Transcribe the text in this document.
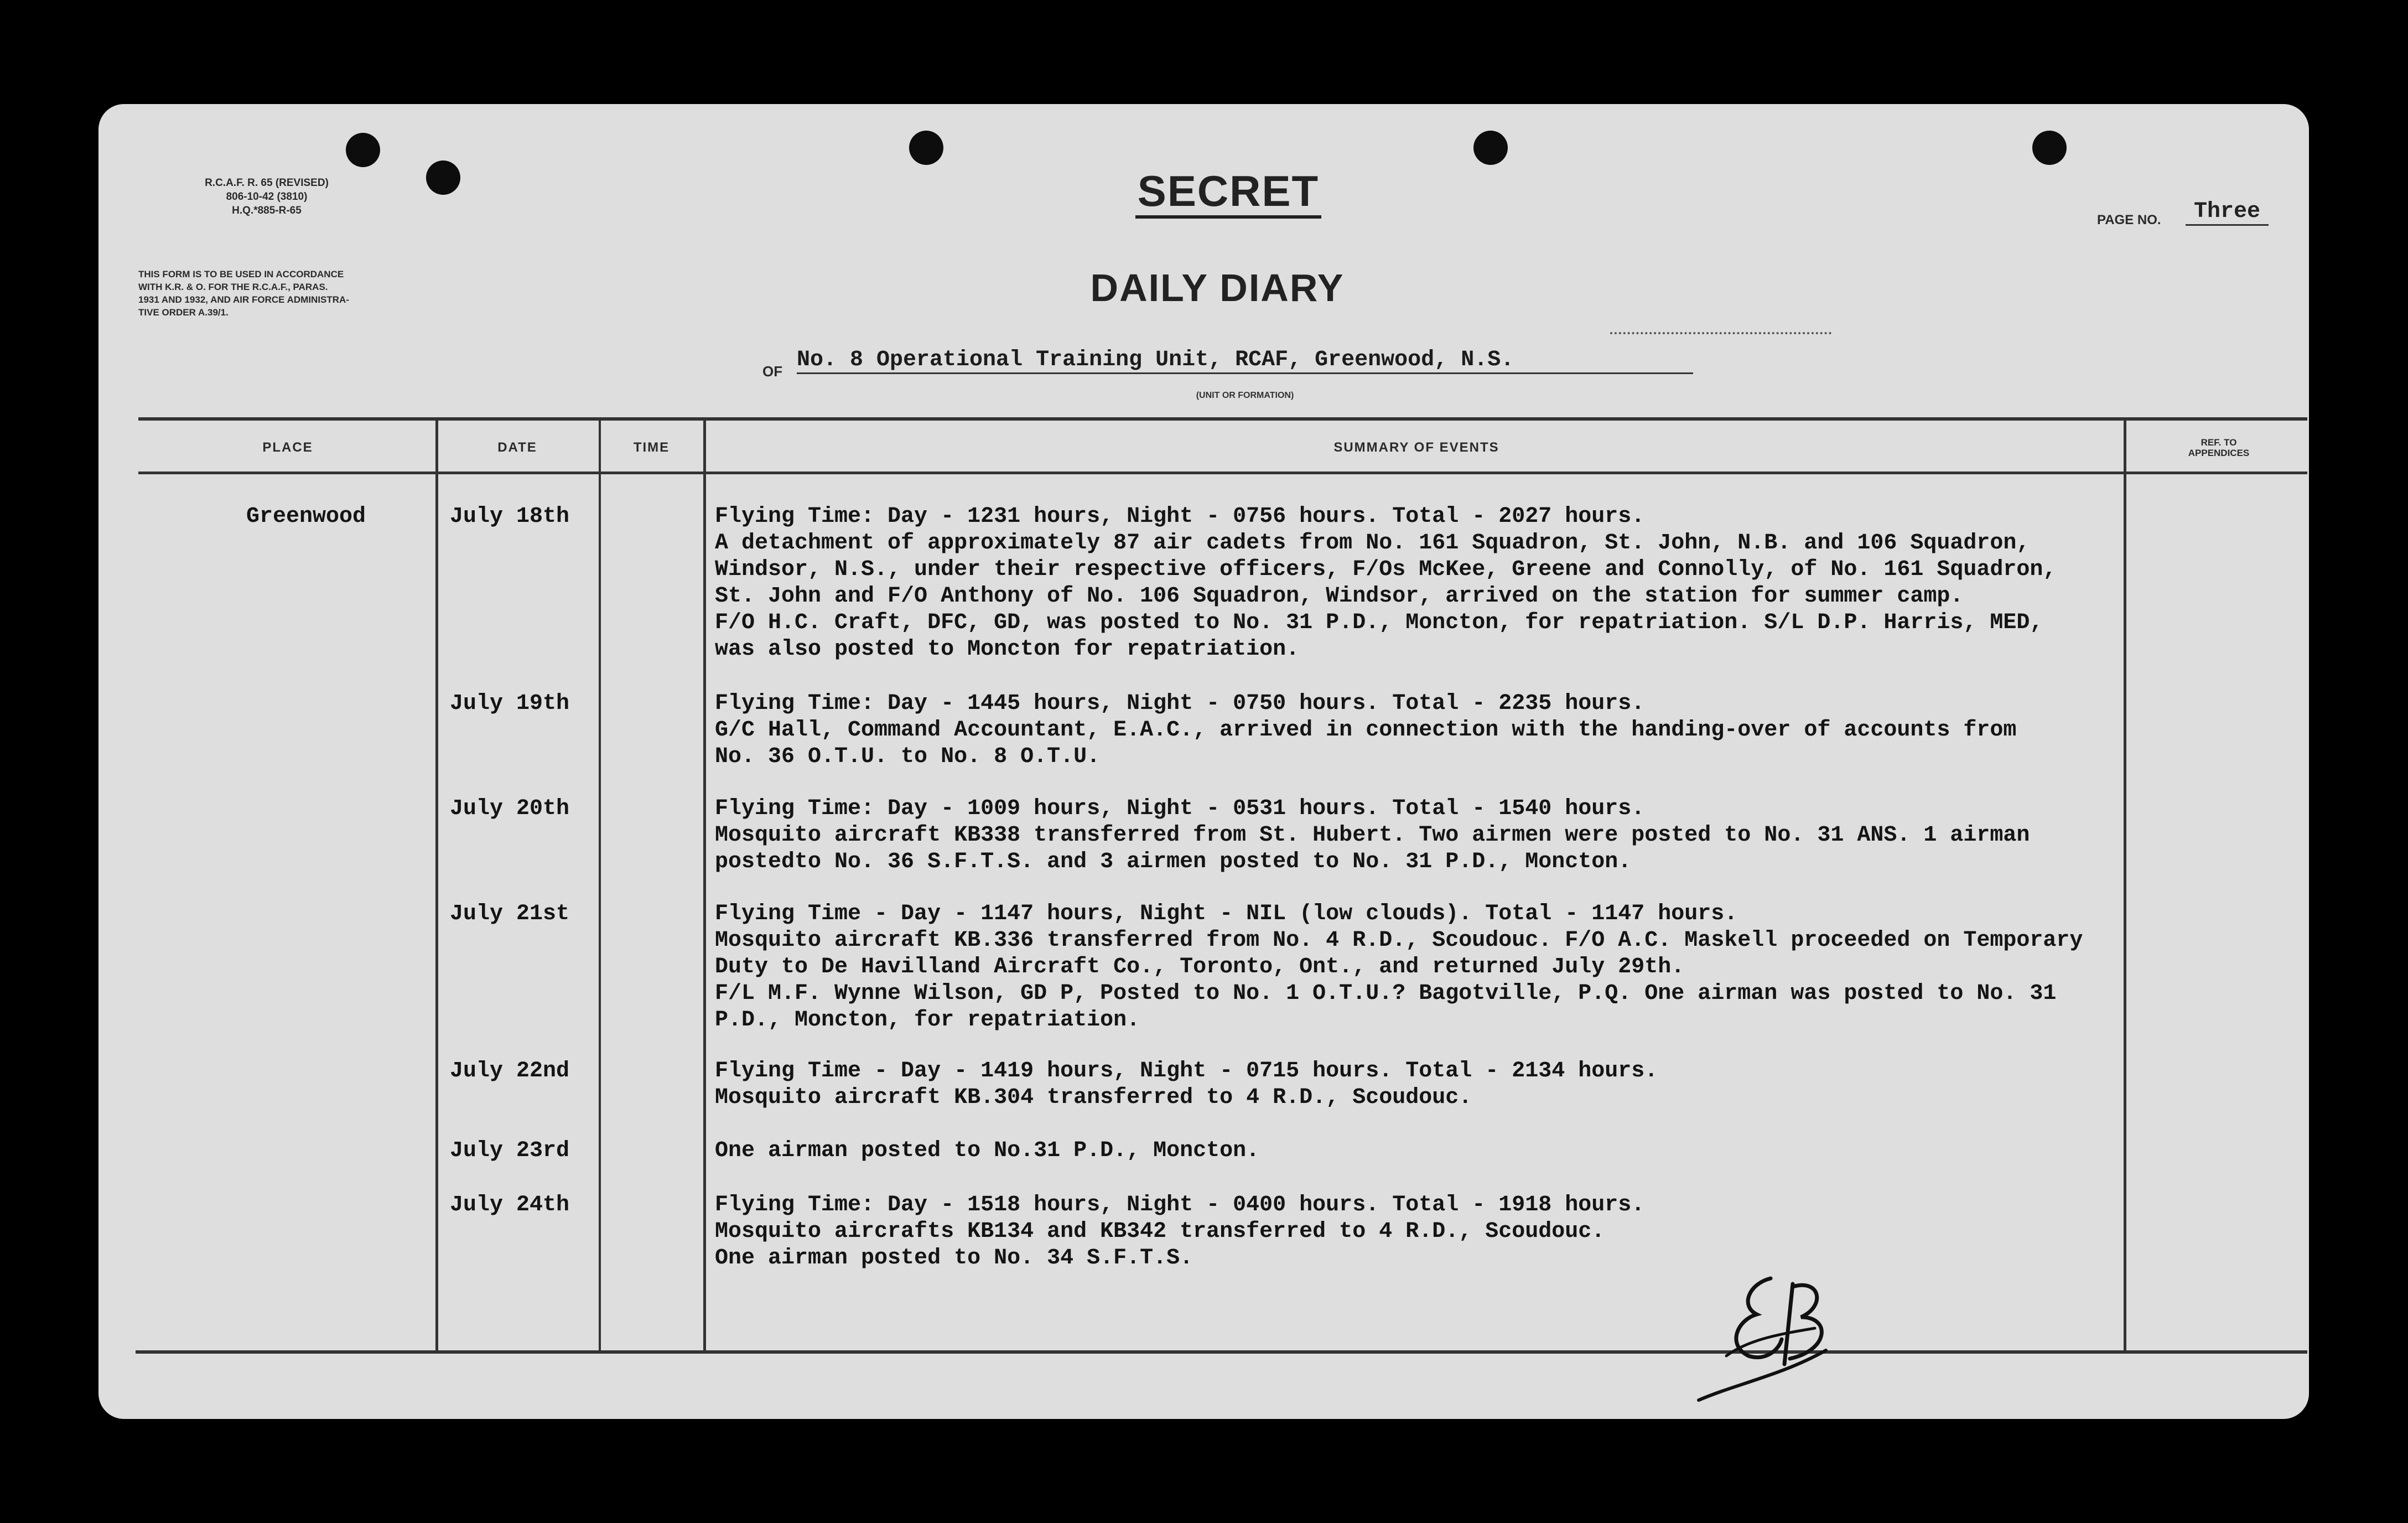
R.C.A.F. R. 65 (REVISED)
806-10-42 (3810)
H.Q.*885-R-65
THIS FORM IS TO BE USED IN ACCORDANCE
WITH K.R. & O. FOR THE R.C.A.F., PARAS.
1931 AND 1932, AND AIR FORCE ADMINISTRA-
TIVE ORDER A.39/1.
SECRET
DAILY DIARY
PAGE NO.	Three
OF No. 8 Operational Training Unit, RCAF, Greenwood, N.S.
(UNIT OR FORMATION)
PLACE	DATE	TIME	SUMMARY OF EVENTS	REF. TO
APPENDICES
Greenwood	July 18th	Flying Time: Day - 1231 hours, Night - 0756 hours. Total - 2027 hours.
A detachment of approximately 87 air cadets from No. 161 Squadron, St. John, N.B. and 106 Squadron,
Windsor, N.S., under their respective officers, F/Os McKee, Greene and Connolly, of No. 161 Squadron,
St. John and F/O Anthony of No. 106 Squadron, Windsor, arrived on the station for summer camp.
F/O H.C. Craft, DFC, GD, was posted to No. 31 P.D., Moncton, for repatriation. S/L D.P. Harris, MED,
was also posted to Moncton for repatriation.
July 19th	Flying Time: Day - 1445 hours, Night - 0750 hours. Total - 2235 hours.
G/C Hall, Command Accountant, E.A.C., arrived in connection with the handing-over of accounts from
No. 36 O.T.U. to No. 8 O.T.U.
July 20th	Flying Time: Day - 1009 hours, Night - 0531 hours. Total - 1540 hours.
Mosquito aircraft KB338 transferred from St. Hubert. Two airmen were posted to No. 31 ANS. 1 airman
postedto No. 36 S.F.T.S. and 3 airmen posted to No. 31 P.D., Moncton.
July 21st	Flying Time - Day - 1147 hours, Night - NIL (low clouds). Total - 1147 hours.
Mosquito aircraft KB.336 transferred from No. 4 R.D., Scoudouc. F/O A.C. Maskell proceeded on Temporary
Duty to De Havilland Aircraft Co., Toronto, Ont., and returned July 29th.
F/L M.F. Wynne Wilson, GD P, Posted to No. 1 O.T.U.? Bagotville, P.Q. One airman was posted to No. 31
P.D., Moncton, for repatriation.
July 22nd	Flying Time - Day - 1419 hours, Night - 0715 hours. Total - 2134 hours.
Mosquito aircraft KB.304 transferred to 4 R.D., Scoudouc.
July 23rd	One airman posted to No.31 P.D., Moncton.
July 24th	Flying Time: Day - 1518 hours, Night - 0400 hours. Total - 1918 hours.
Mosquito aircrafts KB134 and KB342 transferred to 4 R.D., Scoudouc.
One airman posted to No. 34 S.F.T.S.
